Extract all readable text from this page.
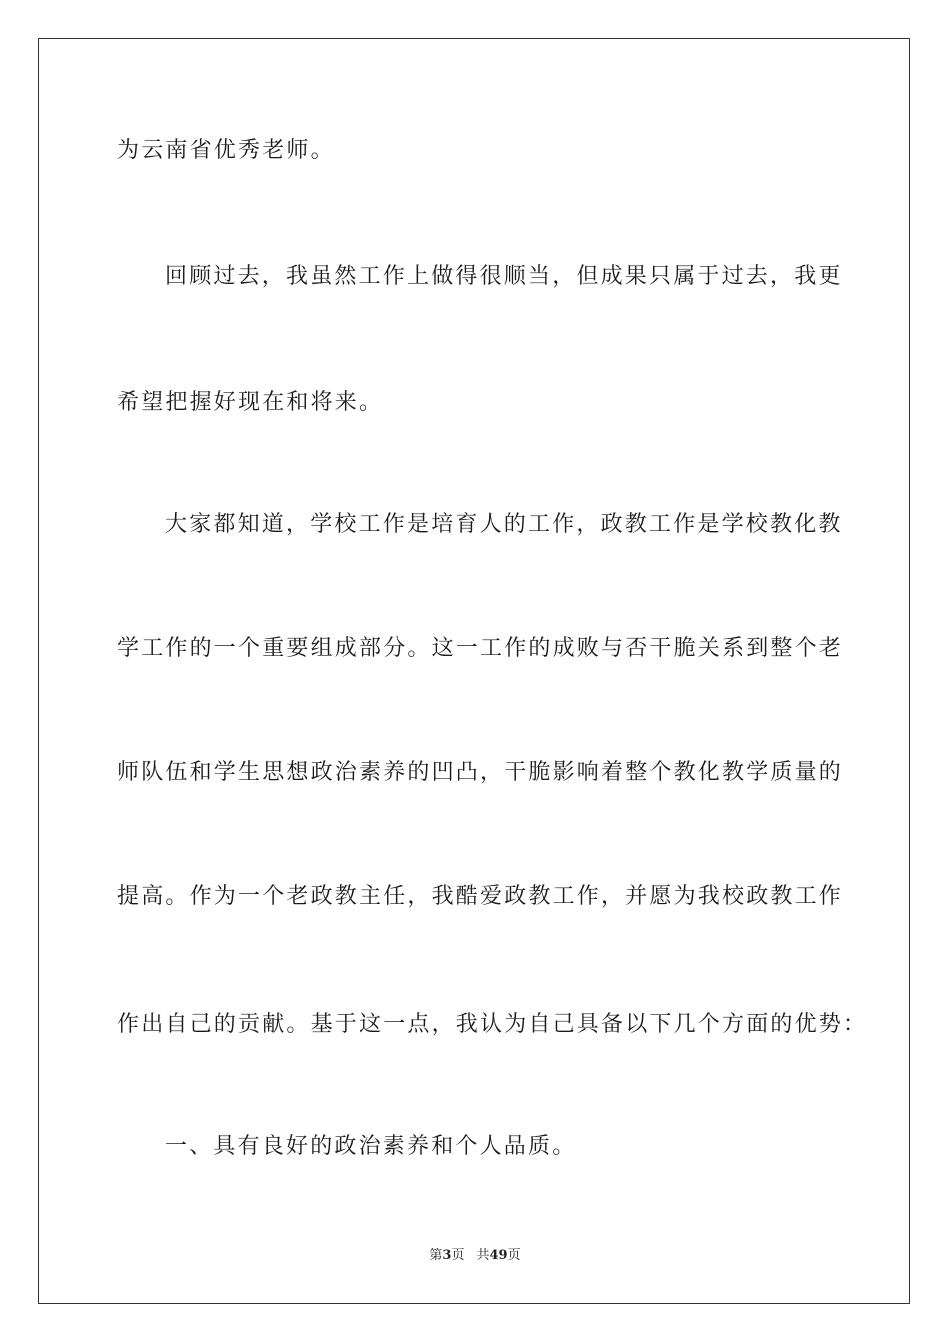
为云南省优秀老师。
回顾过去，我虽然工作上做得很顺当，但成果只属于过去，我更
希望把握好现在和将来。
大家都知道，学校工作是培育人的工作，政教工作是学校教化教
学工作的一个重要组成部分。这一工作的成败与否干脆关系到整个老
师队伍和学生思想政治素养的凹凸，干脆影响着整个教化教学质量的
提高。作为一个老政教主任，我酷爱政教工作，并愿为我校政教工作
作出自己的贡献。基于这一点，我认为自己具备以下几个方面的优势：
一、具有良好的政治素养和个人品质。
第3页 共49页
